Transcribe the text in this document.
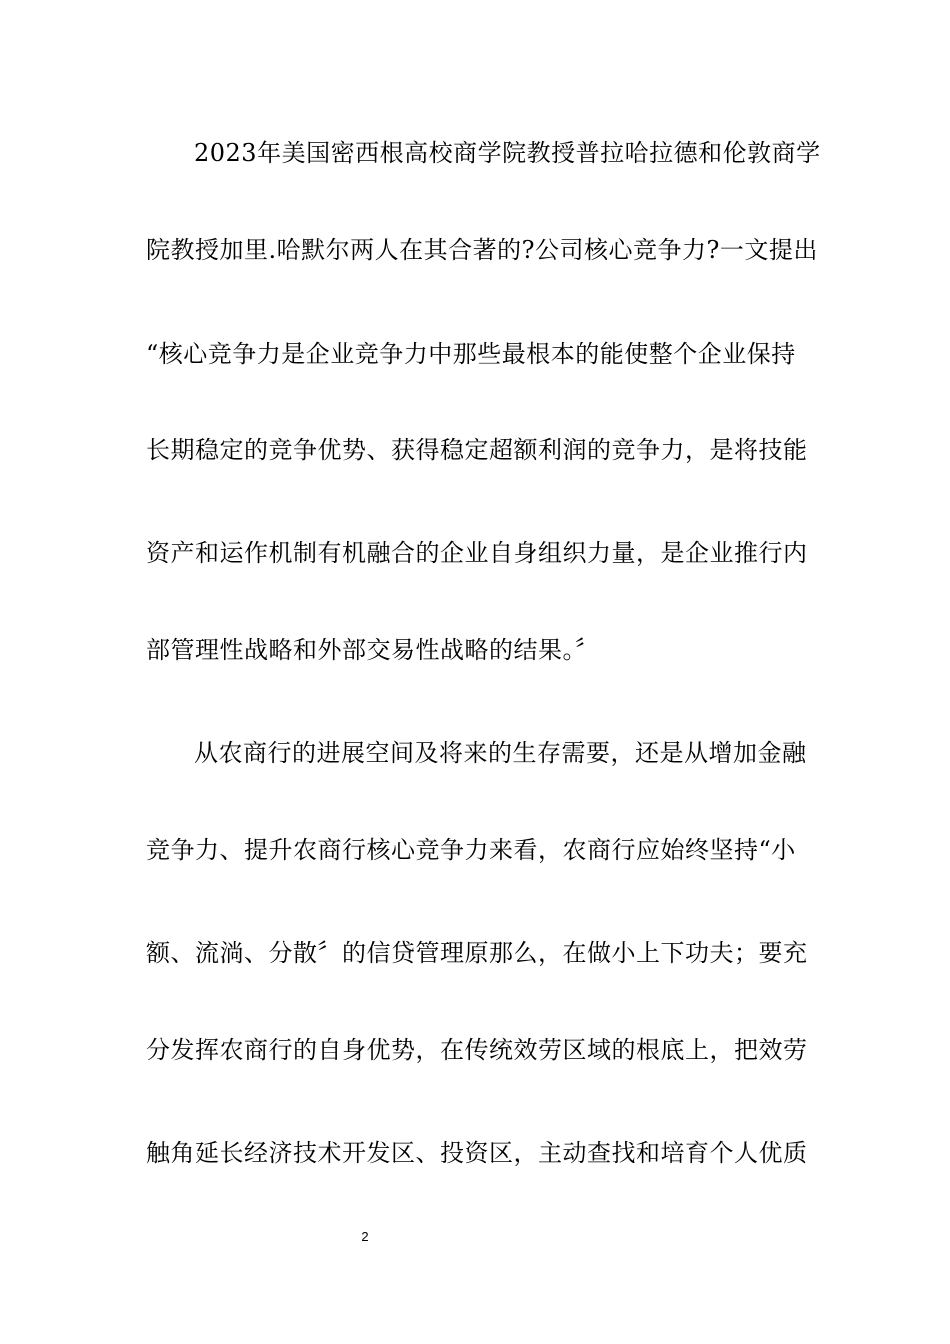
2023年美国密西根高校商学院教授普拉哈拉德和伦敦商学
院教授加里.哈默尔两人在其合著的?公司核心竞争力?一文提出
“核心竞争力是企业竞争力中那些最根本的能使整个企业保持
长期稳定的竞争优势、获得稳定超额利润的竞争力，是将技能
资产和运作机制有机融合的企业自身组织力量，是企业推行内
部管理性战略和外部交易性战略的结果。〞
从农商行的进展空间及将来的生存需要，还是从增加金融
竞争力、提升农商行核心竞争力来看，农商行应始终坚持“小
额、流淌、分散〞的信贷管理原那么，在做小上下功夫；要充
分发挥农商行的自身优势，在传统效劳区域的根底上，把效劳
触角延长经济技术开发区、投资区，主动查找和培育个人优质
2
